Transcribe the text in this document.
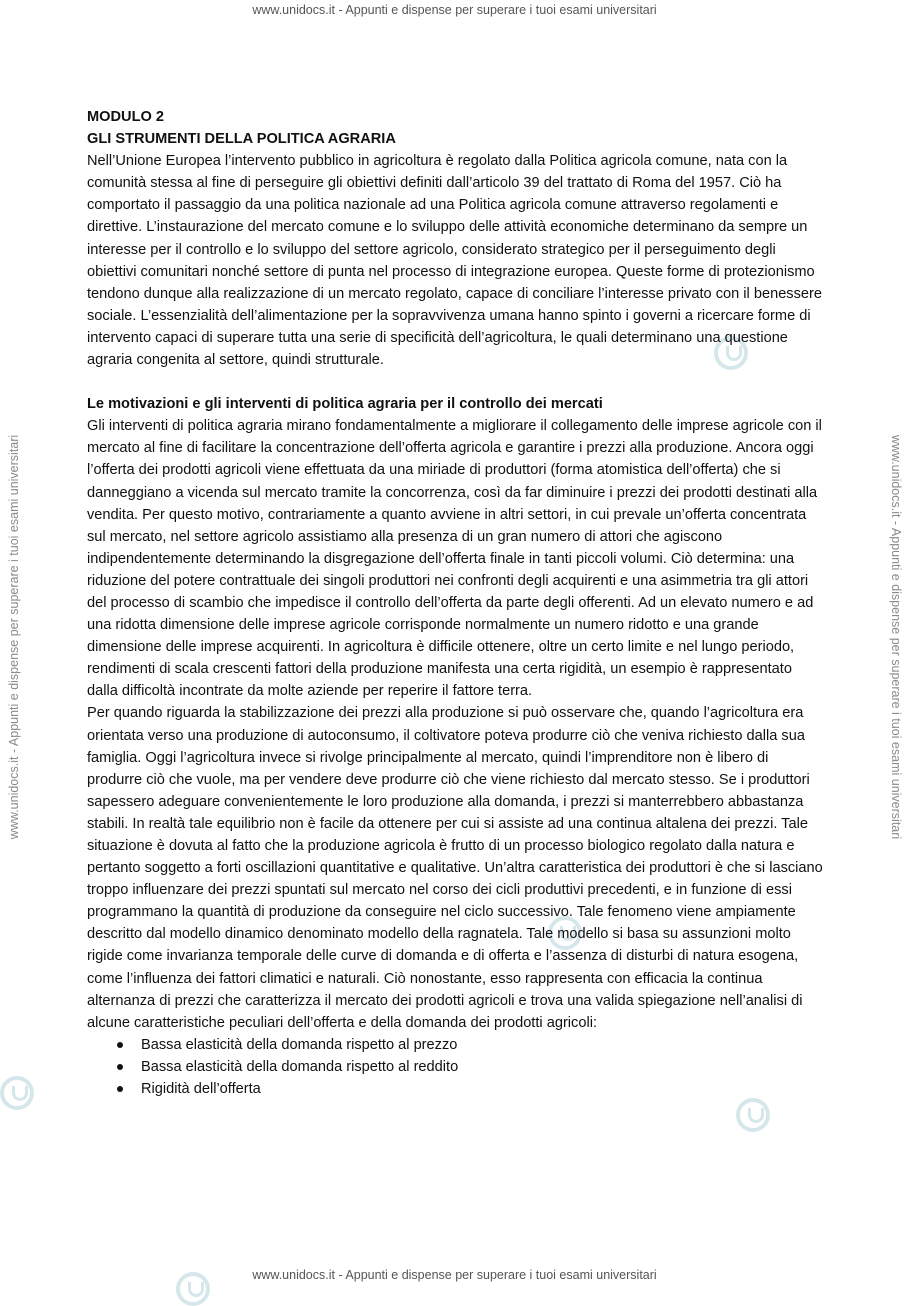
www.unidocs.it - Appunti e dispense per superare i tuoi esami universitari
www.unidocs.it - Appunti e dispense per superare i tuoi esami universitari	www.unidocs.it - Appunti e dispense per superare i tuoi esami universitari

MODULO 2

GLI STRUMENTI DELLA POLITICA AGRARIA

Nell’Unione Europea l’intervento pubblico in agricoltura è regolato dalla Politica agricola comune, nata con la comunità stessa al fine di perseguire gli obiettivi definiti dall’articolo 39 del trattato di Roma del 1957. Ciò ha comportato il passaggio da una politica nazionale ad una Politica agricola comune attraverso regolamenti e direttive. L’instaurazione del mercato comune e lo sviluppo delle attività economiche determinano da sempre un interesse per il controllo e lo sviluppo del settore agricolo, considerato strategico per il perseguimento degli obiettivi comunitari nonché settore di punta nel processo di integrazione europea. Queste forme di protezionismo tendono dunque alla realizzazione di un mercato regolato, capace di conciliare l’interesse privato con il benessere sociale. L’essenzialità dell’alimentazione per la sopravvivenza umana hanno spinto i governi a ricercare forme di intervento capaci di superare tutta una serie di specificità dell’agricoltura, le quali determinano una questione agraria congenita al settore, quindi strutturale.

Le motivazioni e gli interventi di politica agraria per il controllo dei mercati

Gli interventi di politica agraria mirano fondamentalmente a migliorare il collegamento delle imprese agricole con il mercato al fine di facilitare la concentrazione dell’offerta agricola e garantire i prezzi alla produzione. Ancora oggi l’offerta dei prodotti agricoli viene effettuata da una miriade di produttori (forma atomistica dell’offerta) che si danneggiano a vicenda sul mercato tramite la concorrenza, così da far diminuire i prezzi dei prodotti destinati alla vendita. Per questo motivo, contrariamente a quanto avviene in altri settori, in cui prevale un’offerta concentrata sul mercato, nel settore agricolo assistiamo alla presenza di un gran numero di attori che agiscono indipendentemente determinando la disgregazione dell’offerta finale in tanti piccoli volumi. Ciò determina: una riduzione del potere contrattuale dei singoli produttori nei confronti degli acquirenti e una asimmetria tra gli attori del processo di scambio che impedisce il controllo dell’offerta da parte degli offerenti. Ad un elevato numero e ad una ridotta dimensione delle imprese agricole corrisponde normalmente un numero ridotto e una grande dimensione delle imprese acquirenti. In agricoltura è difficile ottenere, oltre un certo limite e nel lungo periodo, rendimenti di scala crescenti fattori della produzione manifesta una certa rigidità, un esempio è rappresentato dalla difficoltà incontrate da molte aziende per reperire il fattore terra.

Per quando riguarda la stabilizzazione dei prezzi alla produzione si può osservare che, quando l’agricoltura era orientata verso una produzione di autoconsumo, il coltivatore poteva produrre ciò che veniva richiesto dalla sua famiglia. Oggi l’agricoltura invece si rivolge principalmente al mercato, quindi l’imprenditore non è libero di produrre ciò che vuole, ma per vendere deve produrre ciò che viene richiesto dal mercato stesso. Se i produttori sapessero adeguare convenientemente le loro produzione alla domanda, i prezzi si manterrebbero abbastanza stabili. In realtà tale equilibrio non è facile da ottenere per cui si assiste ad una continua altalena dei prezzi. Tale situazione è dovuta al fatto che la produzione agricola è frutto di un processo biologico regolato dalla natura e pertanto soggetto a forti oscillazioni quantitative e qualitative. Un’altra caratteristica dei produttori è che si lasciano troppo influenzare dei prezzi spuntati sul mercato nel corso dei cicli produttivi precedenti, e in funzione di essi programmano la quantità di produzione da conseguire nel ciclo successivo. Tale fenomeno viene ampiamente descritto dal modello dinamico denominato modello della ragnatela. Tale modello si basa su assunzioni molto rigide come invarianza temporale delle curve di domanda e di offerta e l’assenza di disturbi di natura esogena, come l’influenza dei fattori climatici e naturali. Ciò nonostante, esso rappresenta con efficacia la continua alternanza di prezzi che caratterizza il mercato dei prodotti agricoli e trova una valida spiegazione nell’analisi di alcune caratteristiche peculiari dell’offerta e della domanda dei prodotti agricoli:

Bassa elasticità della domanda rispetto al prezzo
Bassa elasticità della domanda rispetto al reddito
Rigidità dell’offerta
www.unidocs.it - Appunti e dispense per superare i tuoi esami universitari
